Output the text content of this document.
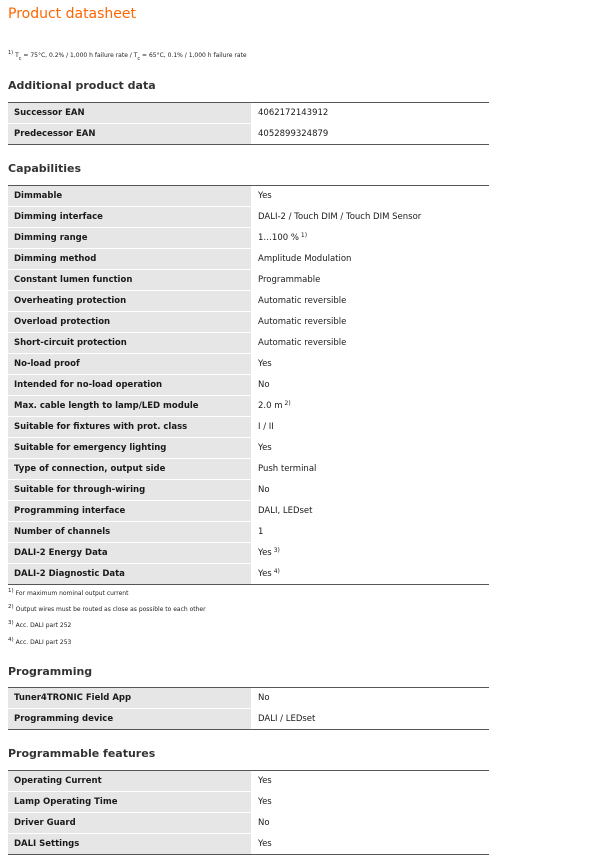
Product datasheet
$^{1)}$ $T_c = 75^\circ C$, 0.2% / 1,000 h failure rate / $T_c = 65^\circ C$, 0.1% / 1,000 h failure rate
Additional product data
Successor EAN	4062172143912
Predecessor EAN	4052899324879
Capabilities
Dimmable	Yes
Dimming interface	DALI-2 / Touch DIM / Touch DIM Sensor
Dimming range	1…100 % $^{1)}$
Dimming method	Amplitude Modulation
Constant lumen function	Programmable
Overheating protection	Automatic reversible
Overload protection	Automatic reversible
Short-circuit protection	Automatic reversible
No-load proof	Yes
Intended for no-load operation	No
Max. cable length to lamp/LED module	2.0 m $^{2)}$
Suitable for fixtures with prot. class	I / II
Suitable for emergency lighting	Yes
Type of connection, output side	Push terminal
Suitable for through-wiring	No
Programming interface	DALI, LEDset
Number of channels	1
DALI-2 Energy Data	Yes $^{3)}$
DALI-2 Diagnostic Data	Yes $^{4)}$
1) For maximum nominal output current
2) Output wires must be routed as close as possible to each other
3) Acc. DALI part 252
4) Acc. DALI part 253
Programming
Tuner4TRONIC Field App	No
Programming device	DALI / LEDset
Programmable features
Operating Current	Yes
Lamp Operating Time	Yes
Driver Guard	No
DALI Settings	Yes
